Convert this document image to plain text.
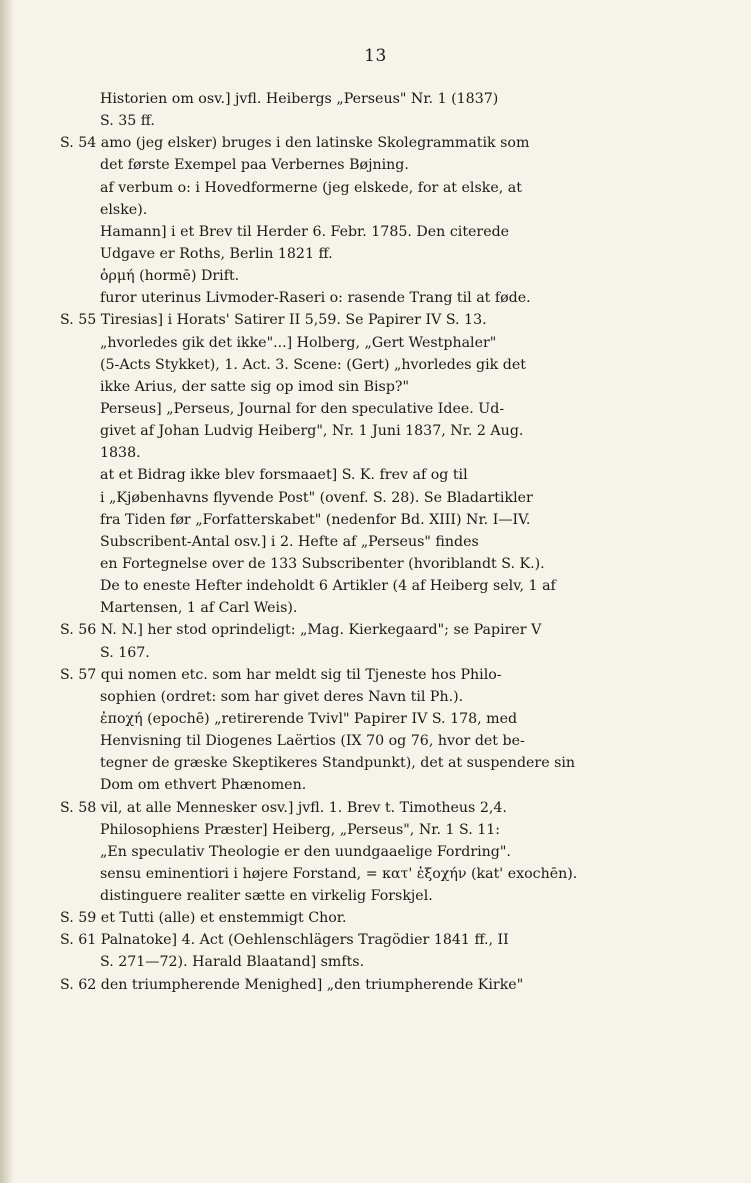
13
Historien om osv.] jvfl. Heibergs „Perseus" Nr. 1 (1837)
S. 35 ff.
S. 54 amo (jeg elsker) bruges i den latinske Skolegrammatik som
det første Exempel paa Verbernes Bøjning.
af verbum o: i Hovedformerne (jeg elskede, for at elske, at
elske).
Hamann] i et Brev til Herder 6. Febr. 1785. Den citerede
Udgave er Roths, Berlin 1821 ff.
ὁρμή (hormē) Drift.
furor uterinus Livmoder-Raseri o: rasende Trang til at føde.
S. 55 Tiresias] i Horats' Satirer II 5,59. Se Papirer IV S. 13.
„hvorledes gik det ikke"...] Holberg, „Gert Westphaler"
(5-Acts Stykket), 1. Act. 3. Scene: (Gert) „hvorledes gik det
ikke Arius, der satte sig op imod sin Bisp?"
Perseus] „Perseus, Journal for den speculative Idee. Ud-
givet af Johan Ludvig Heiberg", Nr. 1 Juni 1837, Nr. 2 Aug.
1838.
at et Bidrag ikke blev forsmaaet] S. K. frev af og til
i „Kjøbenhavns flyvende Post" (ovenf. S. 28). Se Bladartikler
fra Tiden før „Forfatterskabet" (nedenfor Bd. XIII) Nr. I—IV.
Subscribent-Antal osv.] i 2. Hefte af „Perseus" findes
en Fortegnelse over de 133 Subscribenter (hvoriblandt S. K.).
De to eneste Hefter indeholdt 6 Artikler (4 af Heiberg selv, 1 af
Martensen, 1 af Carl Weis).
S. 56 N. N.] her stod oprindeligt: „Mag. Kierkegaard"; se Papirer V
S. 167.
S. 57 qui nomen etc. som har meldt sig til Tjeneste hos Philo-
sophien (ordret: som har givet deres Navn til Ph.).
ἐποχή (epochē) „retirerende Tvivl" Papirer IV S. 178, med
Henvisning til Diogenes Laërtios (IX 70 og 76, hvor det be-
tegner de græske Skeptikeres Standpunkt), det at suspendere sin
Dom om ethvert Phænomen.
S. 58 vil, at alle Mennesker osv.] jvfl. 1. Brev t. Timotheus 2,4.
Philosophiens Præster] Heiberg, „Perseus", Nr. 1 S. 11:
„En speculativ Theologie er den uundgaaelige Fordring".
sensu eminentiori i højere Forstand, = κατ' ἐξοχήν (kat' exochēn).
distinguere realiter sætte en virkelig Forskjel.
S. 59 et Tutti (alle) et enstemmigt Chor.
S. 61 Palnatoke] 4. Act (Oehlenschlägers Tragödier 1841 ff., II
S. 271—72). Harald Blaatand] smfts.
S. 62 den triumpherende Menighed] „den triumpherende Kirke"
